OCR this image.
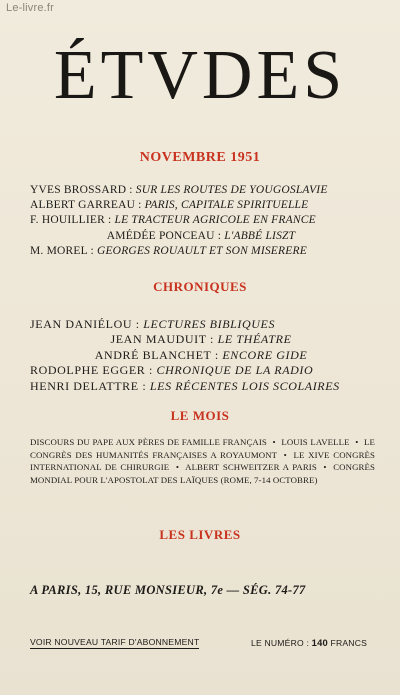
Le-livre.fr
ÉTVDES
NOVEMBRE 1951
YVES BROSSARD : SUR LES ROUTES DE YOUGOSLAVIE
ALBERT GARREAU : PARIS, CAPITALE SPIRITUELLE
F. HOUILLIER : LE TRACTEUR AGRICOLE EN FRANCE
AMÉDÉE PONCEAU : L'ABBÉ LISZT
M. MOREL : GEORGES ROUAULT ET SON MISERERE
CHRONIQUES
JEAN DANIÉLOU : LECTURES BIBLIQUES
JEAN MAUDUIT : LE THÉATRE
ANDRÉ BLANCHET : ENCORE GIDE
RODOLPHE EGGER : CHRONIQUE DE LA RADIO
HENRI DELATTRE : LES RÉCENTES LOIS SCOLAIRES
LE MOIS
DISCOURS DU PAPE AUX PÈRES DE FAMILLE FRANÇAIS • LOUIS LAVELLE • LE CONGRÈS DES HUMANITÉS FRANÇAISES A ROYAUMONT • LE XIVE CONGRÈS INTERNATIONAL DE CHIRURGIE • ALBERT SCHWEITZER A PARIS • CONGRÈS MONDIAL POUR L'APOSTOLAT DES LAÏQUES (ROME, 7-14 OCTOBRE)
LES LIVRES
A PARIS, 15, RUE MONSIEUR, 7e — SÉG. 74-77
VOIR NOUVEAU TARIF D'ABONNEMENT	LE NUMÉRO : 140 FRANCS
